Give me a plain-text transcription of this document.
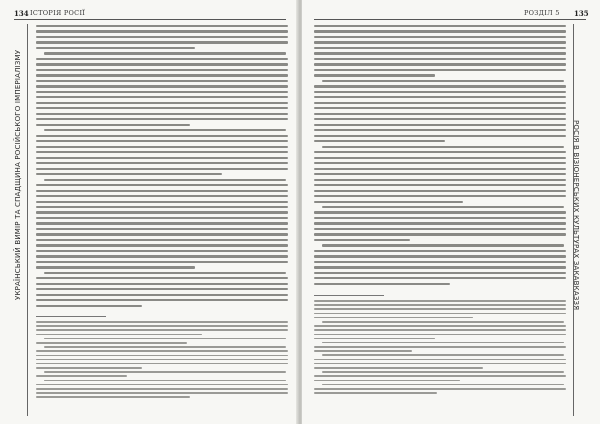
134 ІСТОРІЯ РОСІЇ
УКРАЇНСЬКИЙ ВИМІР ТА СПАДЩИНА РОСІЙСЬКОГО ІМПЕРІАЛІЗМУ
135
РОЗДІЛ 5
РОСІЯ В ВІЗІОНЕРСЬКИХ КУЛЬТУРАХ ЗАКАВКАЗЗЯ
